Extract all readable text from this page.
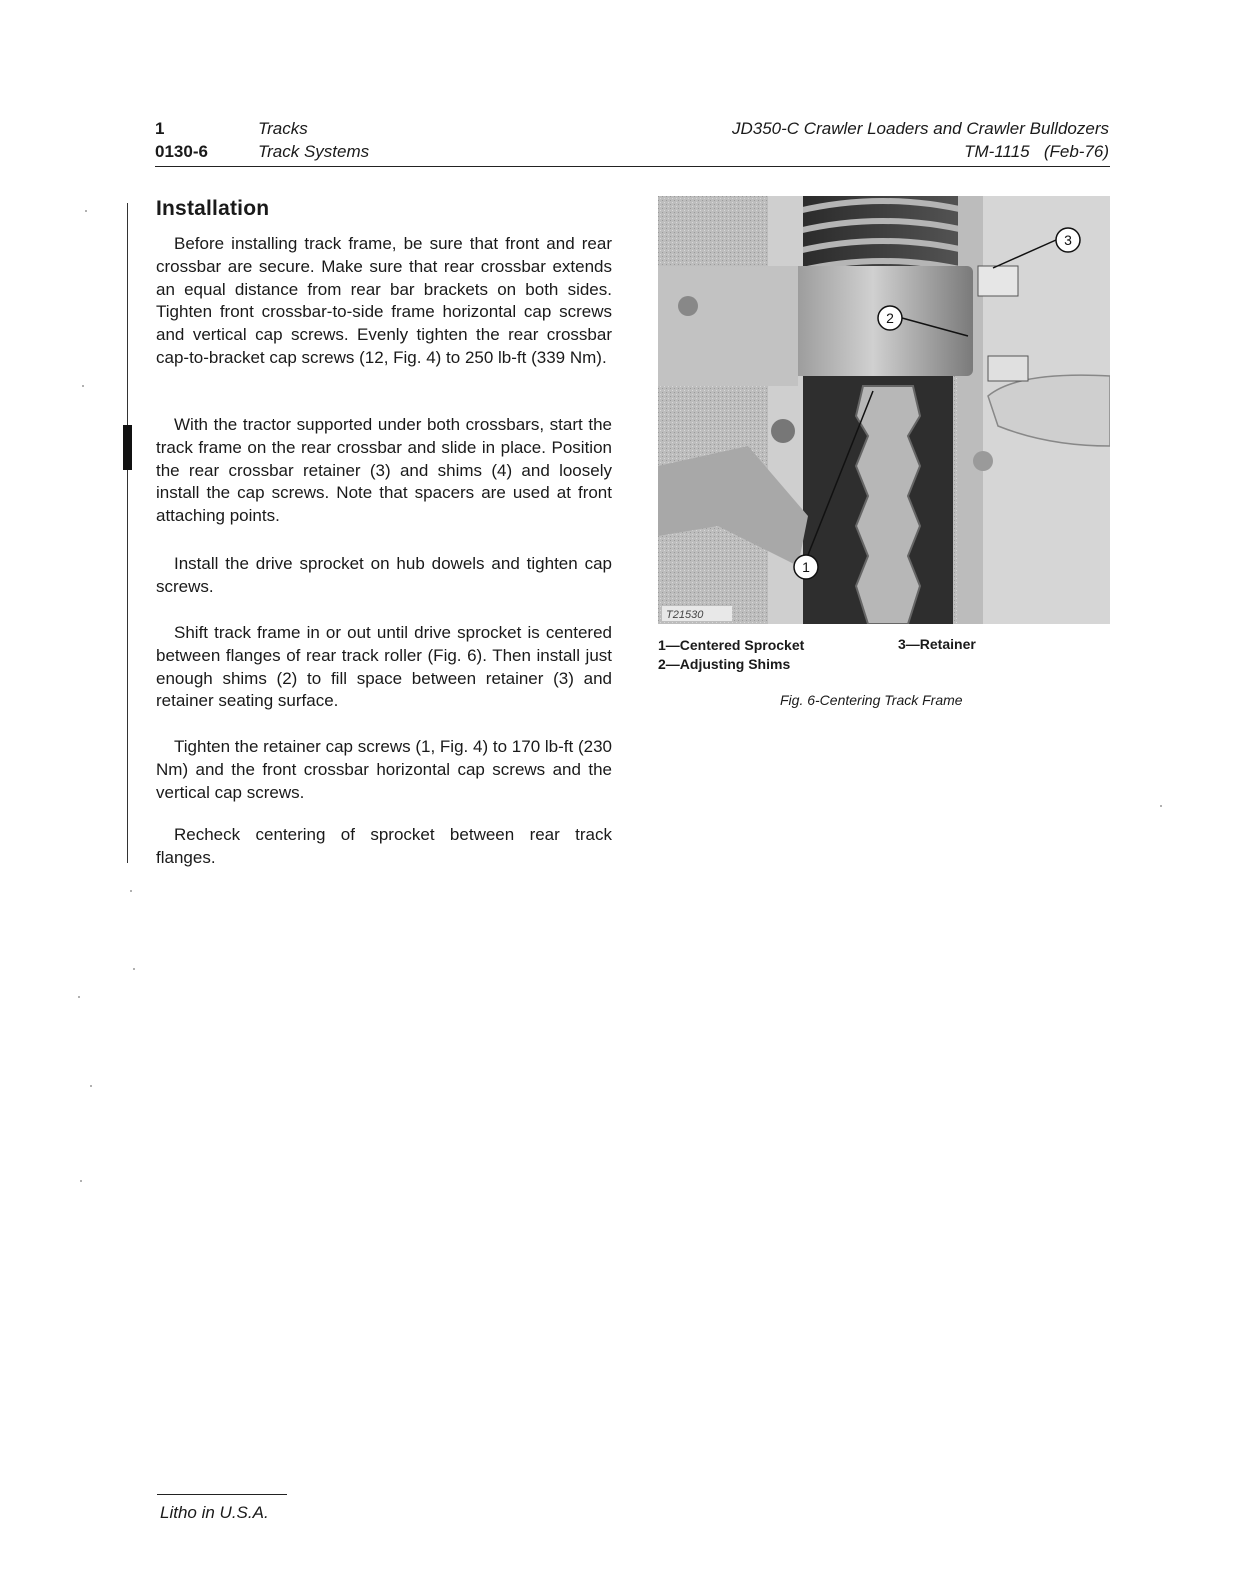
1
0130-6
Tracks
Track Systems
JD350-C Crawler Loaders and Crawler Bulldozers
TM-1115 (Feb-76)
Installation

Before installing track frame, be sure that front and rear crossbar are secure. Make sure that rear crossbar extends an equal distance from rear bar brackets on both sides. Tighten front crossbar-to-side frame horizontal cap screws and vertical cap screws. Evenly tighten the rear crossbar cap-to-bracket cap screws (12, Fig. 4) to 250 lb-ft (339 Nm).

With the tractor supported under both crossbars, start the track frame on the rear crossbar and slide in place. Position the rear crossbar retainer (3) and shims (4) and loosely install the cap screws. Note that spacers are used at front attaching points.

Install the drive sprocket on hub dowels and tighten cap screws.

Shift track frame in or out until drive sprocket is centered between flanges of rear track roller (Fig. 6). Then install just enough shims (2) to fill space between retainer (3) and retainer seating surface.

Tighten the retainer cap screws (1, Fig. 4) to 170 lb-ft (230 Nm) and the front crossbar horizontal cap screws and the vertical cap screws.

Recheck centering of sprocket between rear track flanges.

3
2
1
T21530
1—Centered Sprocket
2—Adjusting Shims
3—Retainer
Fig. 6-Centering Track Frame
Litho in U.S.A.
